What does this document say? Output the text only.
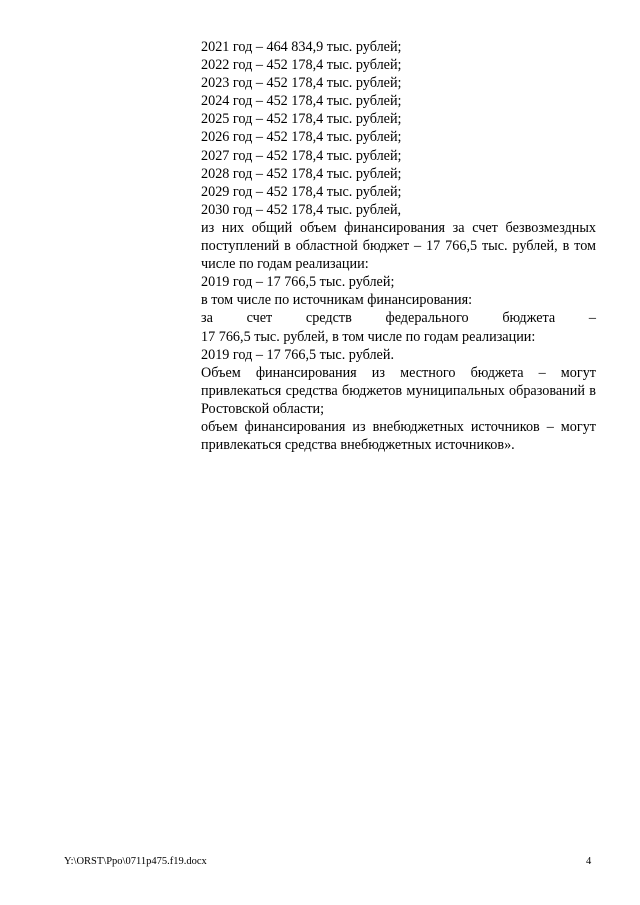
2021 год – 464 834,9 тыс. рублей;
2022 год – 452 178,4 тыс. рублей;
2023 год – 452 178,4 тыс. рублей;
2024 год – 452 178,4 тыс. рублей;
2025 год – 452 178,4 тыс. рублей;
2026 год – 452 178,4 тыс. рублей;
2027 год – 452 178,4 тыс. рублей;
2028 год – 452 178,4 тыс. рублей;
2029 год – 452 178,4 тыс. рублей;
2030 год – 452 178,4 тыс. рублей,
из них общий объем финансирования за счет безвозмездных поступлений в областной бюджет – 17 766,5 тыс. рублей, в том числе по годам реализации:
2019 год – 17 766,5 тыс. рублей;
в том числе по источникам финансирования:
за счет средств федерального бюджета –
17 766,5 тыс. рублей, в том числе по годам реализации:
2019 год – 17 766,5 тыс. рублей.
Объем финансирования из местного бюджета – могут привлекаться средства бюджетов муниципальных образований в Ростовской области;
объем финансирования из внебюджетных источников – могут привлекаться средства внебюджетных источников».
Y:\ORST\Ppo\0711p475.f19.docx	4
